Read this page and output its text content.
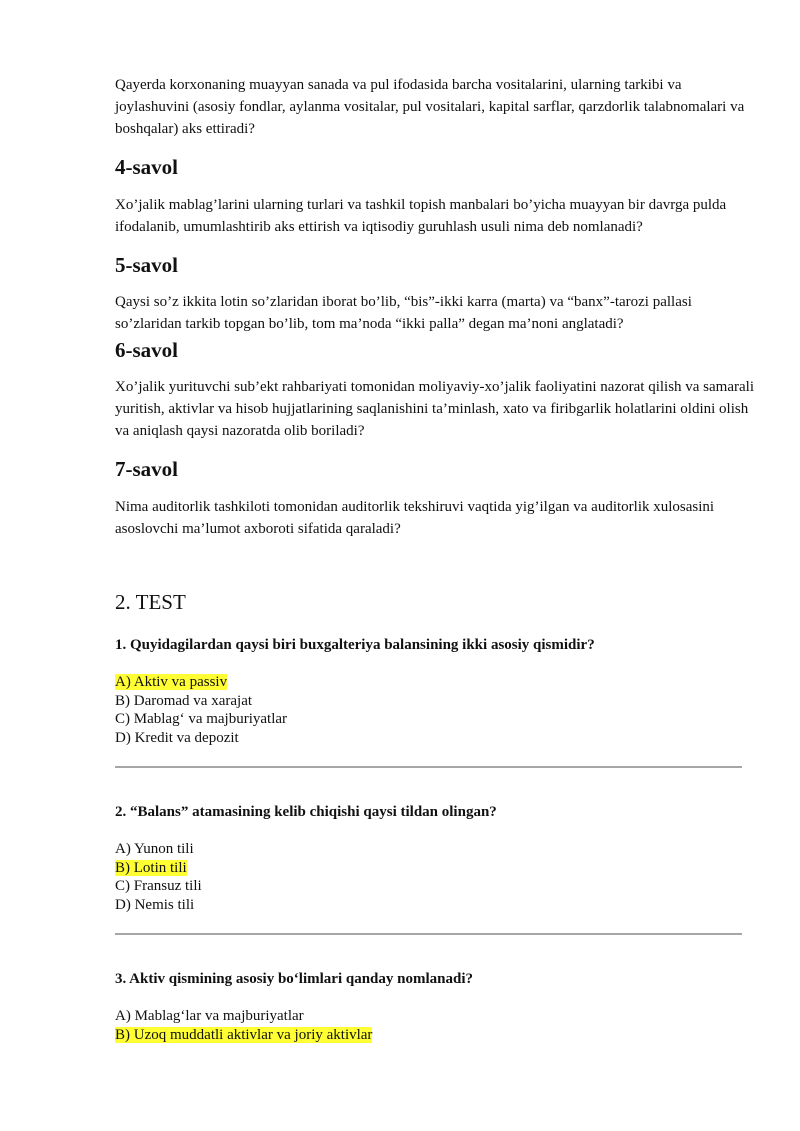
Qayerda korxonaning muayyan sanada va pul ifodasida barcha vositalarini, ularning tarkibi va joylashuvini (asosiy fondlar, aylanma vositalar, pul vositalari, kapital sarflar, qarzdorlik talabnomalari va boshqalar) aks ettiradi?

4-savol

Xo’jalik mablag’larini ularning turlari va tashkil topish manbalari bo’yicha muayyan bir davrga pulda ifodalanib, umumlashtirib aks ettirish va iqtisodiy guruhlash usuli nima deb nomlanadi?

5-savol

Qaysi so’z ikkita lotin so’zlaridan iborat bo’lib, “bis”-ikki karra (marta) va “banx”-tarozi pallasi so’zlaridan tarkib topgan bo’lib, tom ma’noda “ikki palla” degan ma’noni anglatadi?

6-savol

Xo’jalik yurituvchi sub’ekt rahbariyati tomonidan moliyaviy-xo’jalik faoliyatini nazorat qilish va samarali yuritish, aktivlar va hisob hujjatlarining saqlanishini ta’minlash, xato va firibgarlik holatlarini oldini olish va aniqlash qaysi nazoratda olib boriladi?

7-savol

Nima auditorlik tashkiloti tomonidan auditorlik tekshiruvi vaqtida yig’ilgan va auditorlik xulosasini asoslovchi ma’lumot axboroti sifatida qaraladi?

2. TEST

1. Quyidagilardan qaysi biri buxgalteriya balansining ikki asosiy qismidir?

A) Aktiv va passiv
B) Daromad va xarajat
C) Mablag‘ va majburiyatlar
D) Kredit va depozit

2. “Balans” atamasining kelib chiqishi qaysi tildan olingan?

A) Yunon tili
B) Lotin tili
C) Fransuz tili
D) Nemis tili

3. Aktiv qismining asosiy bo‘limlari qanday nomlanadi?

A) Mablag‘lar va majburiyatlar
B) Uzoq muddatli aktivlar va joriy aktivlar
